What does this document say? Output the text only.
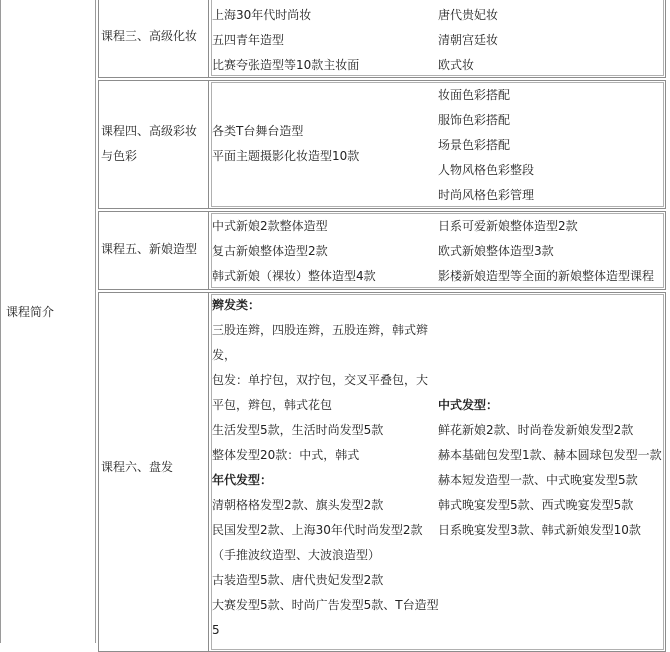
课程简介
课程三、高级化妆
上海30年代时尚妆
五四青年造型
比赛夸张造型等10款主妆面
唐代贵妃妆
清朝宫廷妆
欧式妆
课程四、高级彩妆
与色彩
各类T台舞台造型
平面主题摄影化妆造型10款
妆面色彩搭配
服饰色彩搭配
场景色彩搭配
人物风格色彩整段
时尚风格色彩管理
课程五、新娘造型
中式新娘2款整体造型
复古新娘整体造型2款
韩式新娘（裸妆）整体造型4款
日系可爱新娘整体造型2款
欧式新娘整体造型3款
影楼新娘造型等全面的新娘整体造型课程
课程六、盘发
辫发类：
三股连辫，四股连辫，五股连辫，韩式辫
发，
包发：单拧包，双拧包，交叉平叠包，大
平包，辫包，韩式花包
生活发型5款，生活时尚发型5款
整体发型20款：中式，韩式
年代发型：
清朝格格发型2款、旗头发型2款
民国发型2款、上海30年代时尚发型2款
（手推波纹造型、大波浪造型）
古装造型5款、唐代贵妃发型2款
大赛发型5款、时尚广告发型5款、T台造型
5
中式发型：
鲜花新娘2款、时尚卷发新娘发型2款
赫本基础包发型1款、赫本圆球包发型一款
赫本短发造型一款、中式晚宴发型5款
韩式晚宴发型5款、西式晚宴发型5款
日系晚宴发型3款、韩式新娘发型10款
